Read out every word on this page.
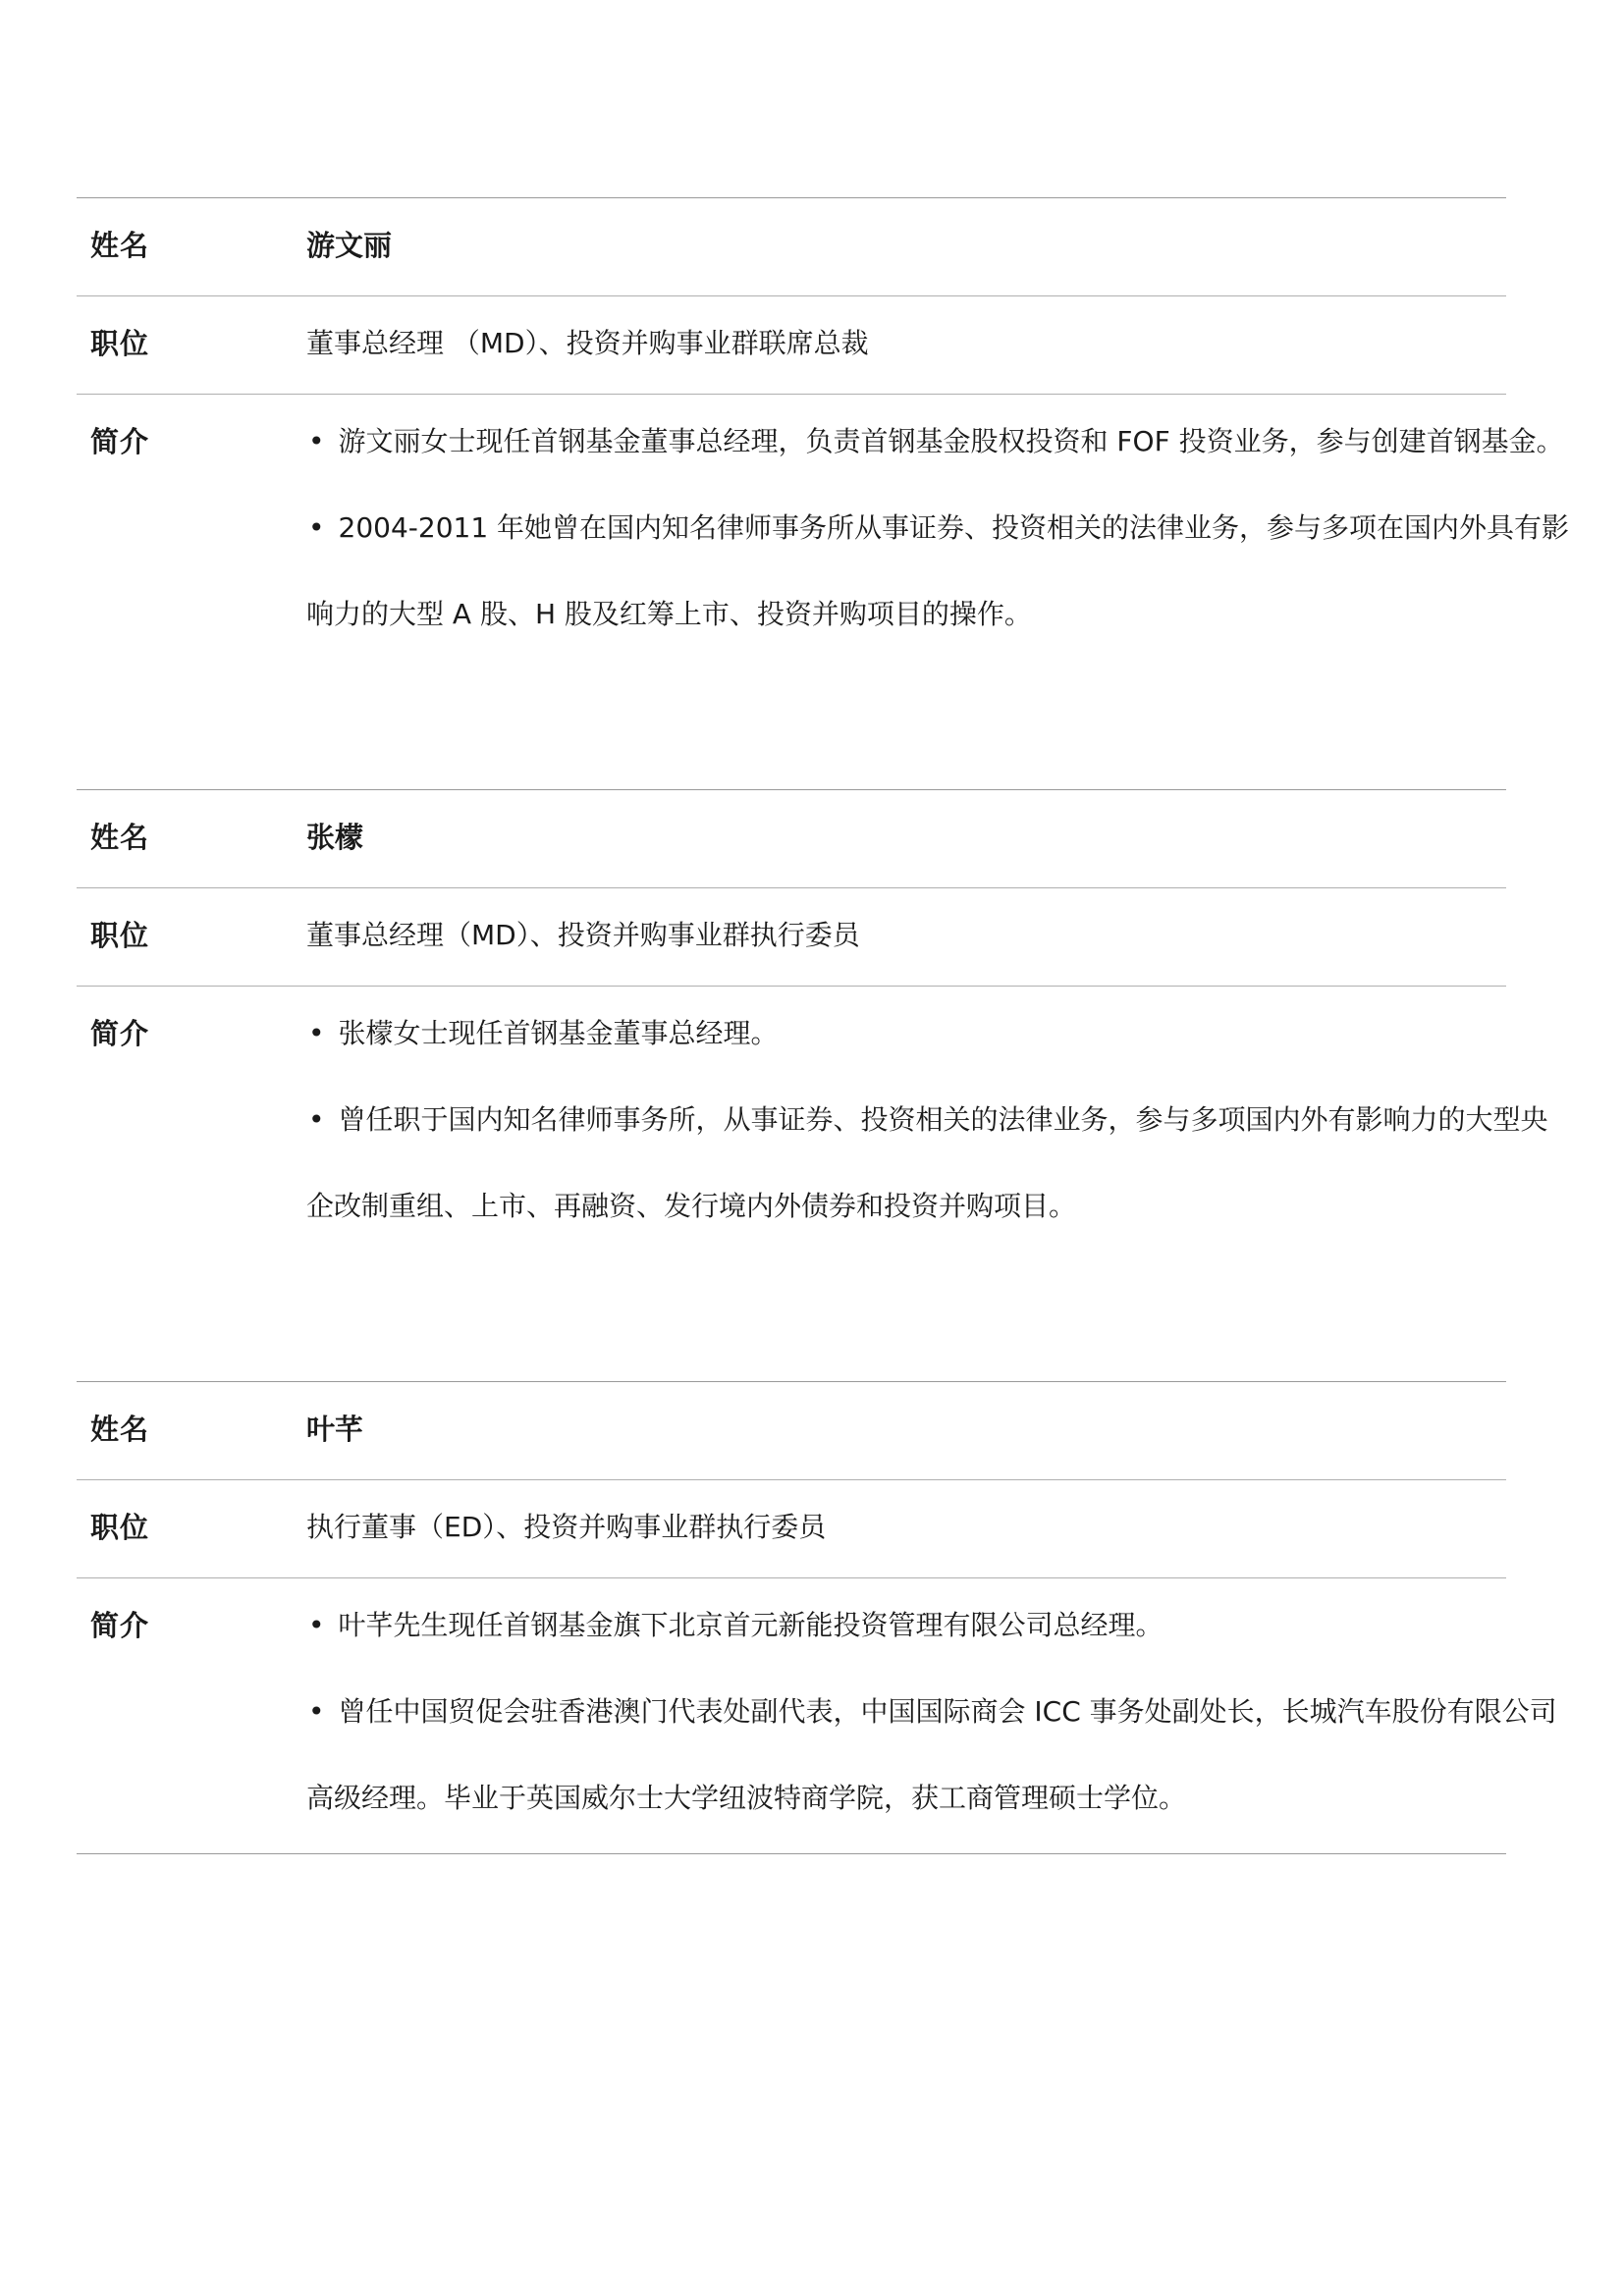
姓名	游文丽
职位	董事总经理 （MD）、投资并购事业群联席总裁
简介	• 游文丽女士现任首钢基金董事总经理，负责首钢基金股权投资和 FOF 投资业务，参与创建首钢基金。

• 2004-2011 年她曾在国内知名律师事务所从事证券、投资相关的法律业务，参与多项在国内外具有影响力的大型 A 股、H 股及红筹上市、投资并购项目的操作。

姓名	张檬
职位	董事总经理（MD）、投资并购事业群执行委员
简介	• 张檬女士现任首钢基金董事总经理。

• 曾任职于国内知名律师事务所，从事证券、投资相关的法律业务，参与多项国内外有影响力的大型央企改制重组、上市、再融资、发行境内外债券和投资并购项目。

姓名	叶芊
职位	执行董事（ED）、投资并购事业群执行委员
简介	• 叶芊先生现任首钢基金旗下北京首元新能投资管理有限公司总经理。

• 曾任中国贸促会驻香港澳门代表处副代表，中国国际商会 ICC 事务处副处长，长城汽车股份有限公司高级经理。毕业于英国威尔士大学纽波特商学院，获工商管理硕士学位。
